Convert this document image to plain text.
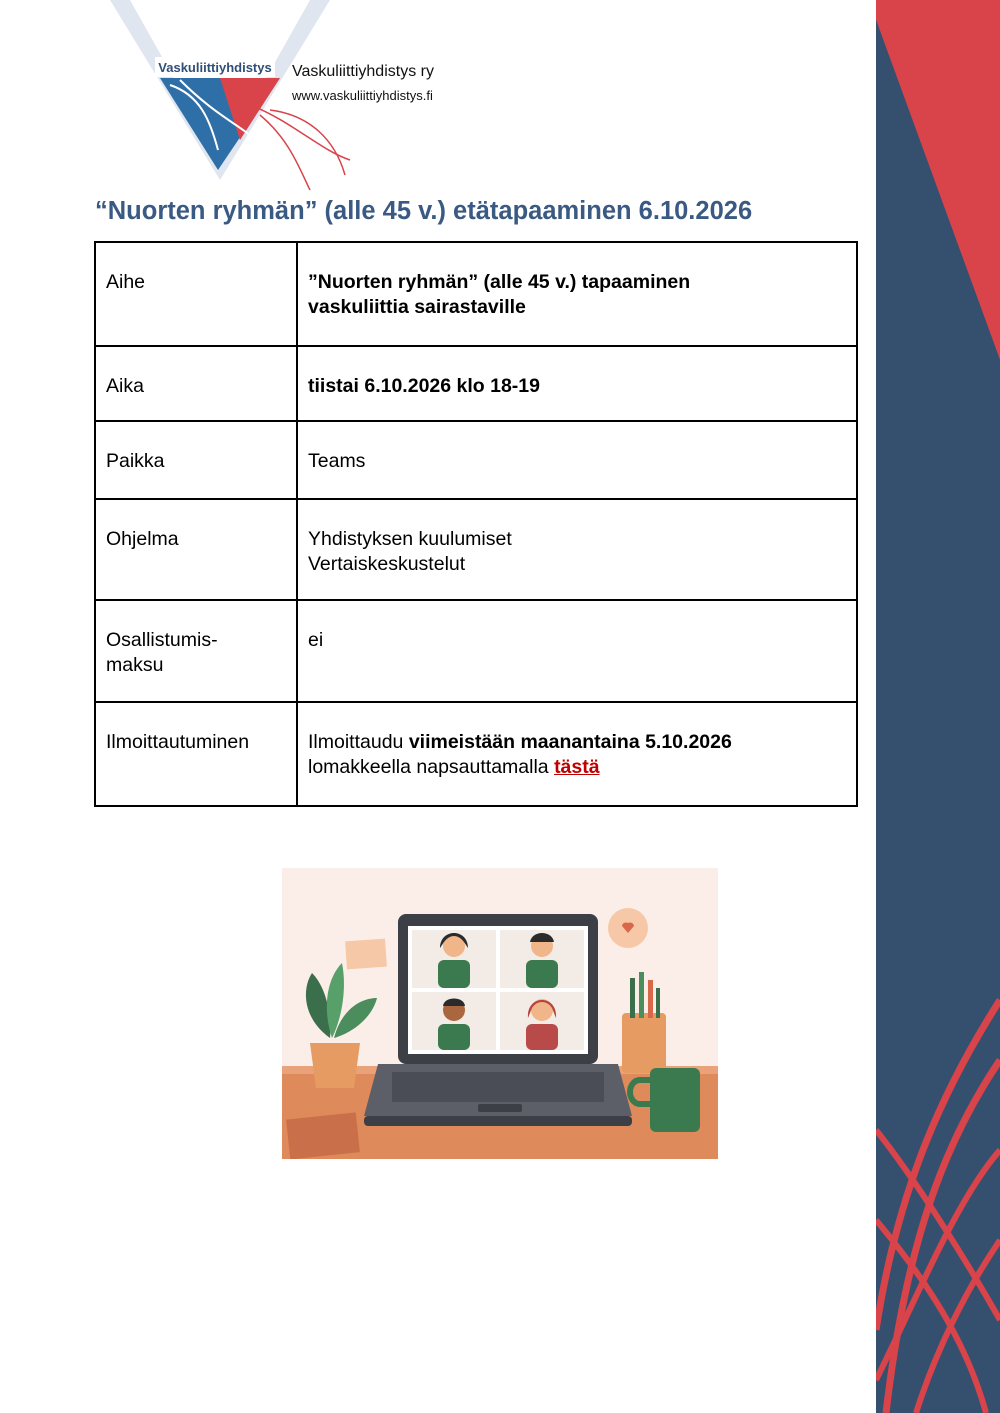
Vaskuliittiyhdistys Vaskuliittiyhdistys ry
www.vaskuliittiyhdistys.fi
“Nuorten ryhmän” (alle 45 v.) etätapaaminen 6.10.2026
Aihe	”Nuorten ryhmän” (alle 45 v.) tapaaminen
vaskuliittia sairastaville
Aika	tiistai 6.10.2026 klo 18-19
Paikka	Teams
Ohjelma	Yhdistyksen kuulumiset
Vertaiskeskustelut
Osallistumis-
maksu	ei
Ilmoittautuminen	Ilmoittaudu viimeistään maanantaina 5.10.2026
lomakkeella napsauttamalla tästä
